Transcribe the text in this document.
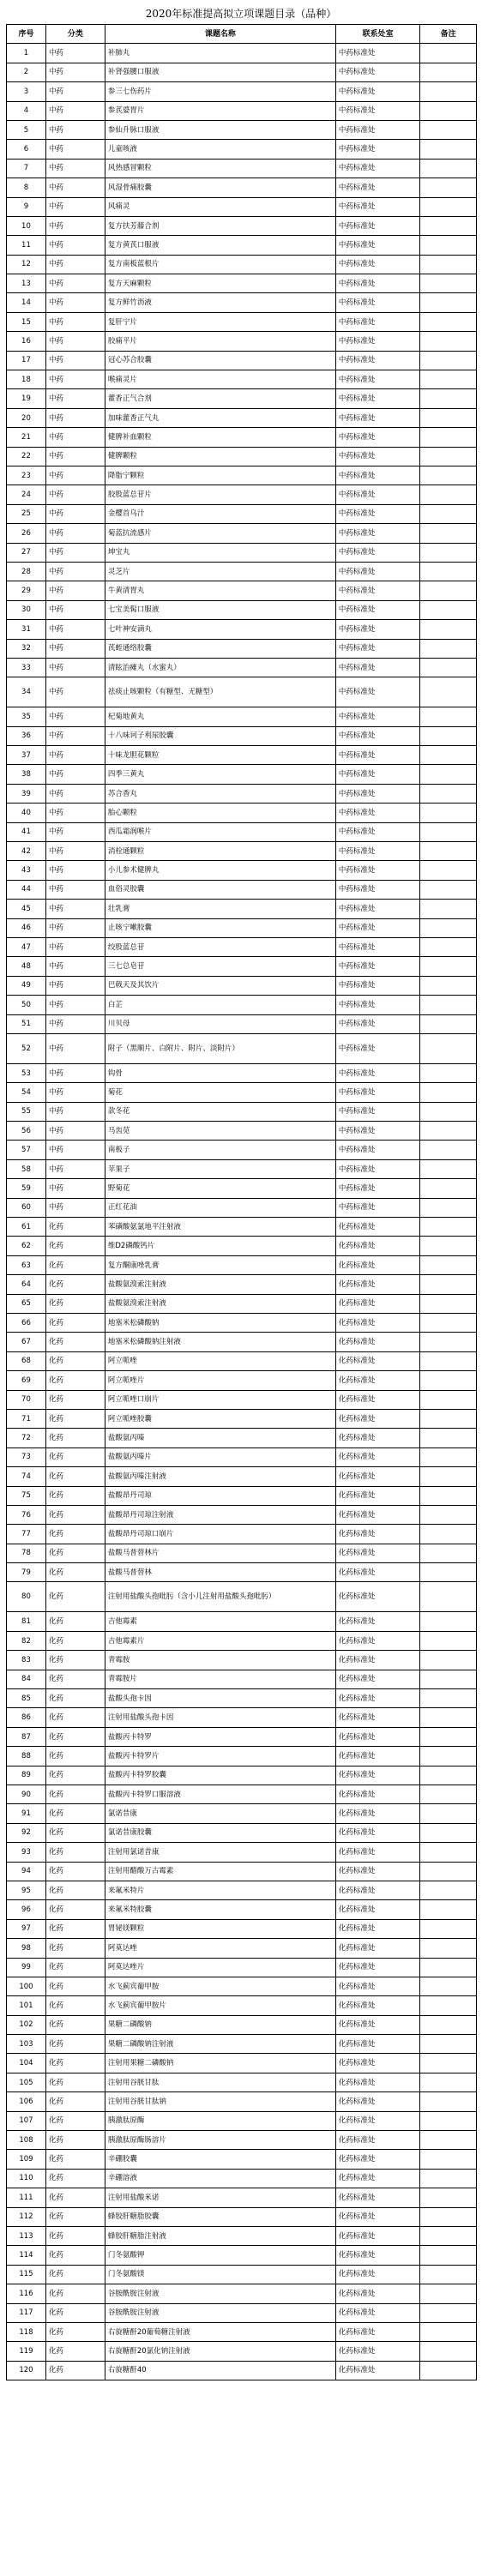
2020年标准提高拟立项课题目录（品种）
序号	分类	课题名称	联系处室	备注
1	中药	补肺丸	中药标准处	
2	中药	补肾强腰口服液	中药标准处	
3	中药	参三七伤药片	中药标准处	
4	中药	参芪婆胃片	中药标准处	
5	中药	参仙升脉口服液	中药标准处	
6	中药	儿童咳液	中药标准处	
7	中药	风热感冒颗粒	中药标准处	
8	中药	风湿骨痛胶囊	中药标准处	
9	中药	风痛灵	中药标准处	
10	中药	复方扶芳藤合剂	中药标准处	
11	中药	复方黄芪口服液	中药标准处	
12	中药	复方南板蓝根片	中药标准处	
13	中药	复方天麻颗粒	中药标准处	
14	中药	复方鲜竹沥液	中药标准处	
15	中药	复肝宁片	中药标准处	
16	中药	胶痛平片	中药标准处	
17	中药	冠心苏合胶囊	中药标准处	
18	中药	喉痛灵片	中药标准处	
19	中药	藿香正气合剂	中药标准处	
20	中药	加味藿香正气丸	中药标准处	
21	中药	健脾补血颗粒	中药标准处	
22	中药	健脾颗粒	中药标准处	
23	中药	降脂宁颗粒	中药标准处	
24	中药	胶股蓝总苷片	中药标准处	
25	中药	金樱首乌汁	中药标准处	
26	中药	菊蓝抗流感片	中药标准处	
27	中药	坤宝丸	中药标准处	
28	中药	灵芝片	中药标准处	
29	中药	牛黄清胃丸	中药标准处	
30	中药	七宝美髯口服液	中药标准处	
31	中药	七叶神安滴丸	中药标准处	
32	中药	芪蛭通络胶囊	中药标准处	
33	中药	清眩治瘫丸（水蜜丸）	中药标准处	
34	中药	祛痰止咳颗粒（有糖型、无糖型）	中药标准处	
35	中药	杞菊地黄丸	中药标准处	
36	中药	十八味诃子利尿胶囊	中药标准处	
37	中药	十味龙胆花颗粒	中药标准处	
38	中药	四季三黄丸	中药标准处	
39	中药	苏合香丸	中药标准处	
40	中药	胎心颗粒	中药标准处	
41	中药	西瓜霜润喉片	中药标准处	
42	中药	消栓通颗粒	中药标准处	
43	中药	小儿参术健脾丸	中药标准处	
44	中药	血俗灵胶囊	中药标准处	
45	中药	壮乳膏	中药标准处	
46	中药	止咳宁嗽胶囊	中药标准处	
47	中药	绞股蓝总苷	中药标准处	
48	中药	三七总皂苷	中药标准处	
49	中药	巴戟天及其饮片	中药标准处	
50	中药	白芷	中药标准处	
51	中药	川贝母	中药标准处	
52	中药	附子（黑顺片、白附片、附片、淡附片）	中药标准处	
53	中药	钩骨	中药标准处	
54	中药	菊花	中药标准处	
55	中药	款冬花	中药标准处	
56	中药	马齿苋	中药标准处	
57	中药	南板子	中药标准处	
58	中药	苹果子	中药标准处	
59	中药	野菊花	中药标准处	
60	中药	正红花油	中药标准处	
61	化药	苯磺酸氨氯地平注射液	化药标准处	
62	化药	维D2磷酸钙片	化药标准处	
63	化药	复方酮康唑乳膏	化药标准处	
64	化药	盐酸氨溴索注射液	化药标准处	
65	化药	盐酸氨溴索注射液	化药标准处	
66	化药	地塞米松磷酸钠	化药标准处	
67	化药	地塞米松磷酸钠注射液	化药标准处	
68	化药	阿立哌唑	化药标准处	
69	化药	阿立哌唑片	化药标准处	
70	化药	阿立哌唑口崩片	化药标准处	
71	化药	阿立哌唑胶囊	化药标准处	
72	化药	盐酸氨丙嗪	化药标准处	
73	化药	盐酸氨丙嗪片	化药标准处	
74	化药	盐酸氨丙嗪注射液	化药标准处	
75	化药	盐酸昂丹司琼	化药标准处	
76	化药	盐酸昂丹司琼注射液	化药标准处	
77	化药	盐酸昂丹司琼口崩片	化药标准处	
78	化药	盐酸马普替林片	化药标准处	
79	化药	盐酸马普替林	化药标准处	
80	化药	注射用盐酸头孢吡肟（含小儿注射用盐酸头孢吡肟）	化药标准处	
81	化药	吉他霉素	化药标准处	
82	化药	吉他霉素片	化药标准处	
83	化药	青霉胺	化药标准处	
84	化药	青霉胺片	化药标准处	
85	化药	盐酸头孢卡因	化药标准处	
86	化药	注射用盐酸头孢卡因	化药标准处	
87	化药	盐酸丙卡特罗	化药标准处	
88	化药	盐酸丙卡特罗片	化药标准处	
89	化药	盐酸丙卡特罗胶囊	化药标准处	
90	化药	盐酸丙卡特罗口服溶液	化药标准处	
91	化药	氯诺昔康	化药标准处	
92	化药	氯诺昔康胶囊	化药标准处	
93	化药	注射用氯诺昔康	化药标准处	
94	化药	注射用醋酸万古霉素	化药标准处	
95	化药	来氟米特片	化药标准处	
96	化药	来氟米特胶囊	化药标准处	
97	化药	胃铋镁颗粒	化药标准处	
98	化药	阿莫达唑	化药标准处	
99	化药	阿莫达唑片	化药标准处	
100	化药	水飞蓟宾葡甲胺	化药标准处	
101	化药	水飞蓟宾葡甲胺片	化药标准处	
102	化药	果糖二磷酸钠	化药标准处	
103	化药	果糖二磷酸钠注射液	化药标准处	
104	化药	注射用果糖二磷酸钠	化药标准处	
105	化药	注射用谷胱甘肽	化药标准处	
106	化药	注射用谷胱甘肽钠	化药标准处	
107	化药	胰激肽原酶	化药标准处	
108	化药	胰激肽原酶肠溶片	化药标准处	
109	化药	辛硼胶囊	化药标准处	
110	化药	辛硼溶液	化药标准处	
111	化药	注射用盐酸米诺	化药标准处	
112	化药	蜂胶肝糖脂胶囊	化药标准处	
113	化药	蜂胶肝糖脂注射液	化药标准处	
114	化药	门冬氨酸钾	化药标准处	
115	化药	门冬氨酸镁	化药标准处	
116	化药	谷胺酰胺注射液	化药标准处	
117	化药	谷胺酰胺注射液	化药标准处	
118	化药	右旋糖酐20葡萄糖注射液	化药标准处	
119	化药	右旋糖酐20氯化钠注射液	化药标准处	
120	化药	右旋糖酐40	化药标准处	
